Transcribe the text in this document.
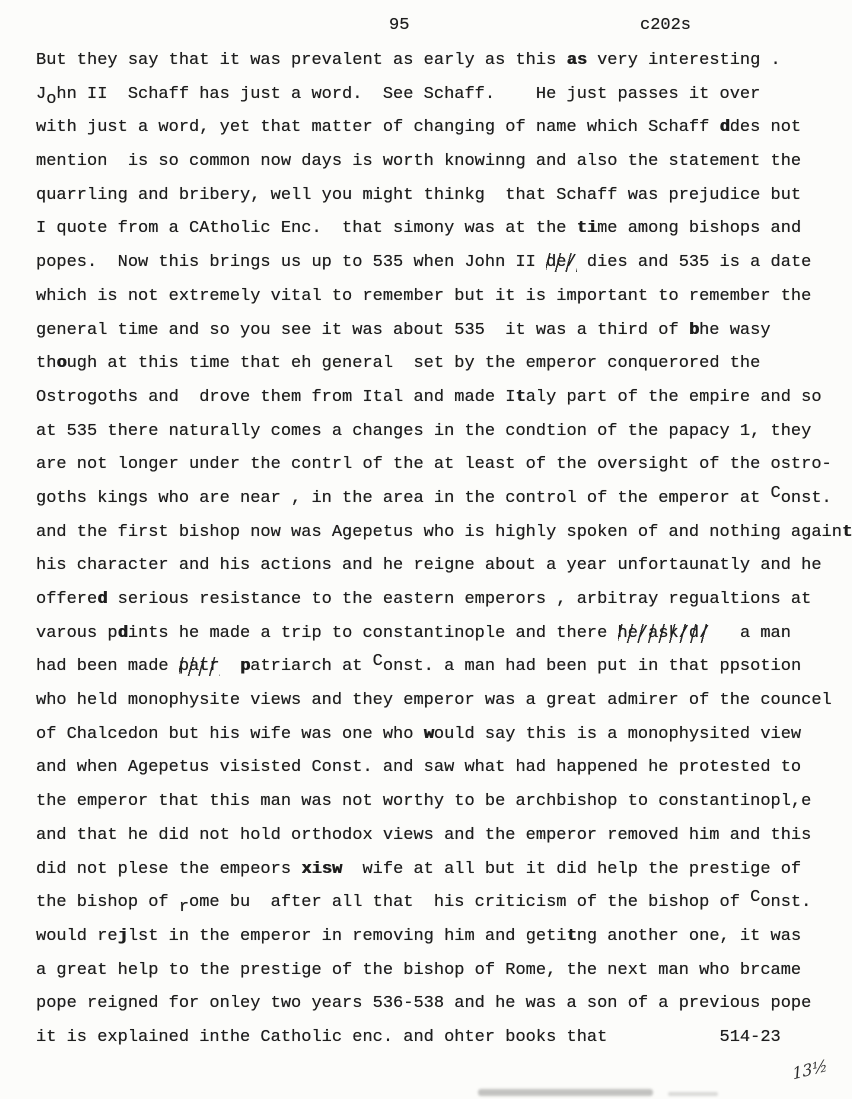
95	c202s
But they say that it was prevalent as early as this as very interesting .
John II  Schaff has just a word.  See Schaff.    He just passes it over
with just a word, yet that matter of changing of name which Schaff ddes not
mention  is so common now days is worth knowinng and also the statement the
quarrling and bribery, well you might thinkg  that Schaff was prejudice but
I quote from a CAtholic Enc.  that simony was at the time among bishops and
popes.  Now this brings us up to 535 when John II de/ dies and 535 is a date
which is not extremely vital to remember but it is important to remember the
general time and so you see it was about 535  it was a third of bhe wasy
though at this time that eh general  set by the emperor conquerored the
Ostrogoths and  drove them from Ital and made Italy part of the empire and so
at 535 there naturally comes a changes in the condtion of the papacy 1, they
are not longer under the contrl of the at least of the oversight of the ostro-
goths kings who are near , in the area in the control of the emperor at Const.
and the first bishop now was Agepetus who is highly spoken of and nothing againt
his character and his actions and he reigne about a year unfortaunatly and he
offered serious resistance to the eastern emperors , arbitray regualtions at
varous pdints he made a trip to constantinople and there he/ask/d/   a man
had been made patr patriarch at Const. a man had been put in that ppsotion
who held monophysite views and they emperor was a great admirer of the councel
of Chalcedon but his wife was one who would say this is a monophysited view
and when Agepetus visisted Const. and saw what had happened he protested to
the emperor that this man was not worthy to be archbishop to constantinopl,e
and that he did not hold orthodox views and the emperor removed him and this
did not plese the empeors xisw  wife at all but it did help the prestige of
the bishop of rome bu  after all that  his criticism of the bishop of Const.
would rejlst in the emperor in removing him and getitng another one, it was
a great help to the prestige of the bishop of Rome, the next man who brcame
pope reigned for onley two years 536-538 and he was a son of a previous pope
it is explained inthe Catholic enc. and ohter books that	514-23
13½
